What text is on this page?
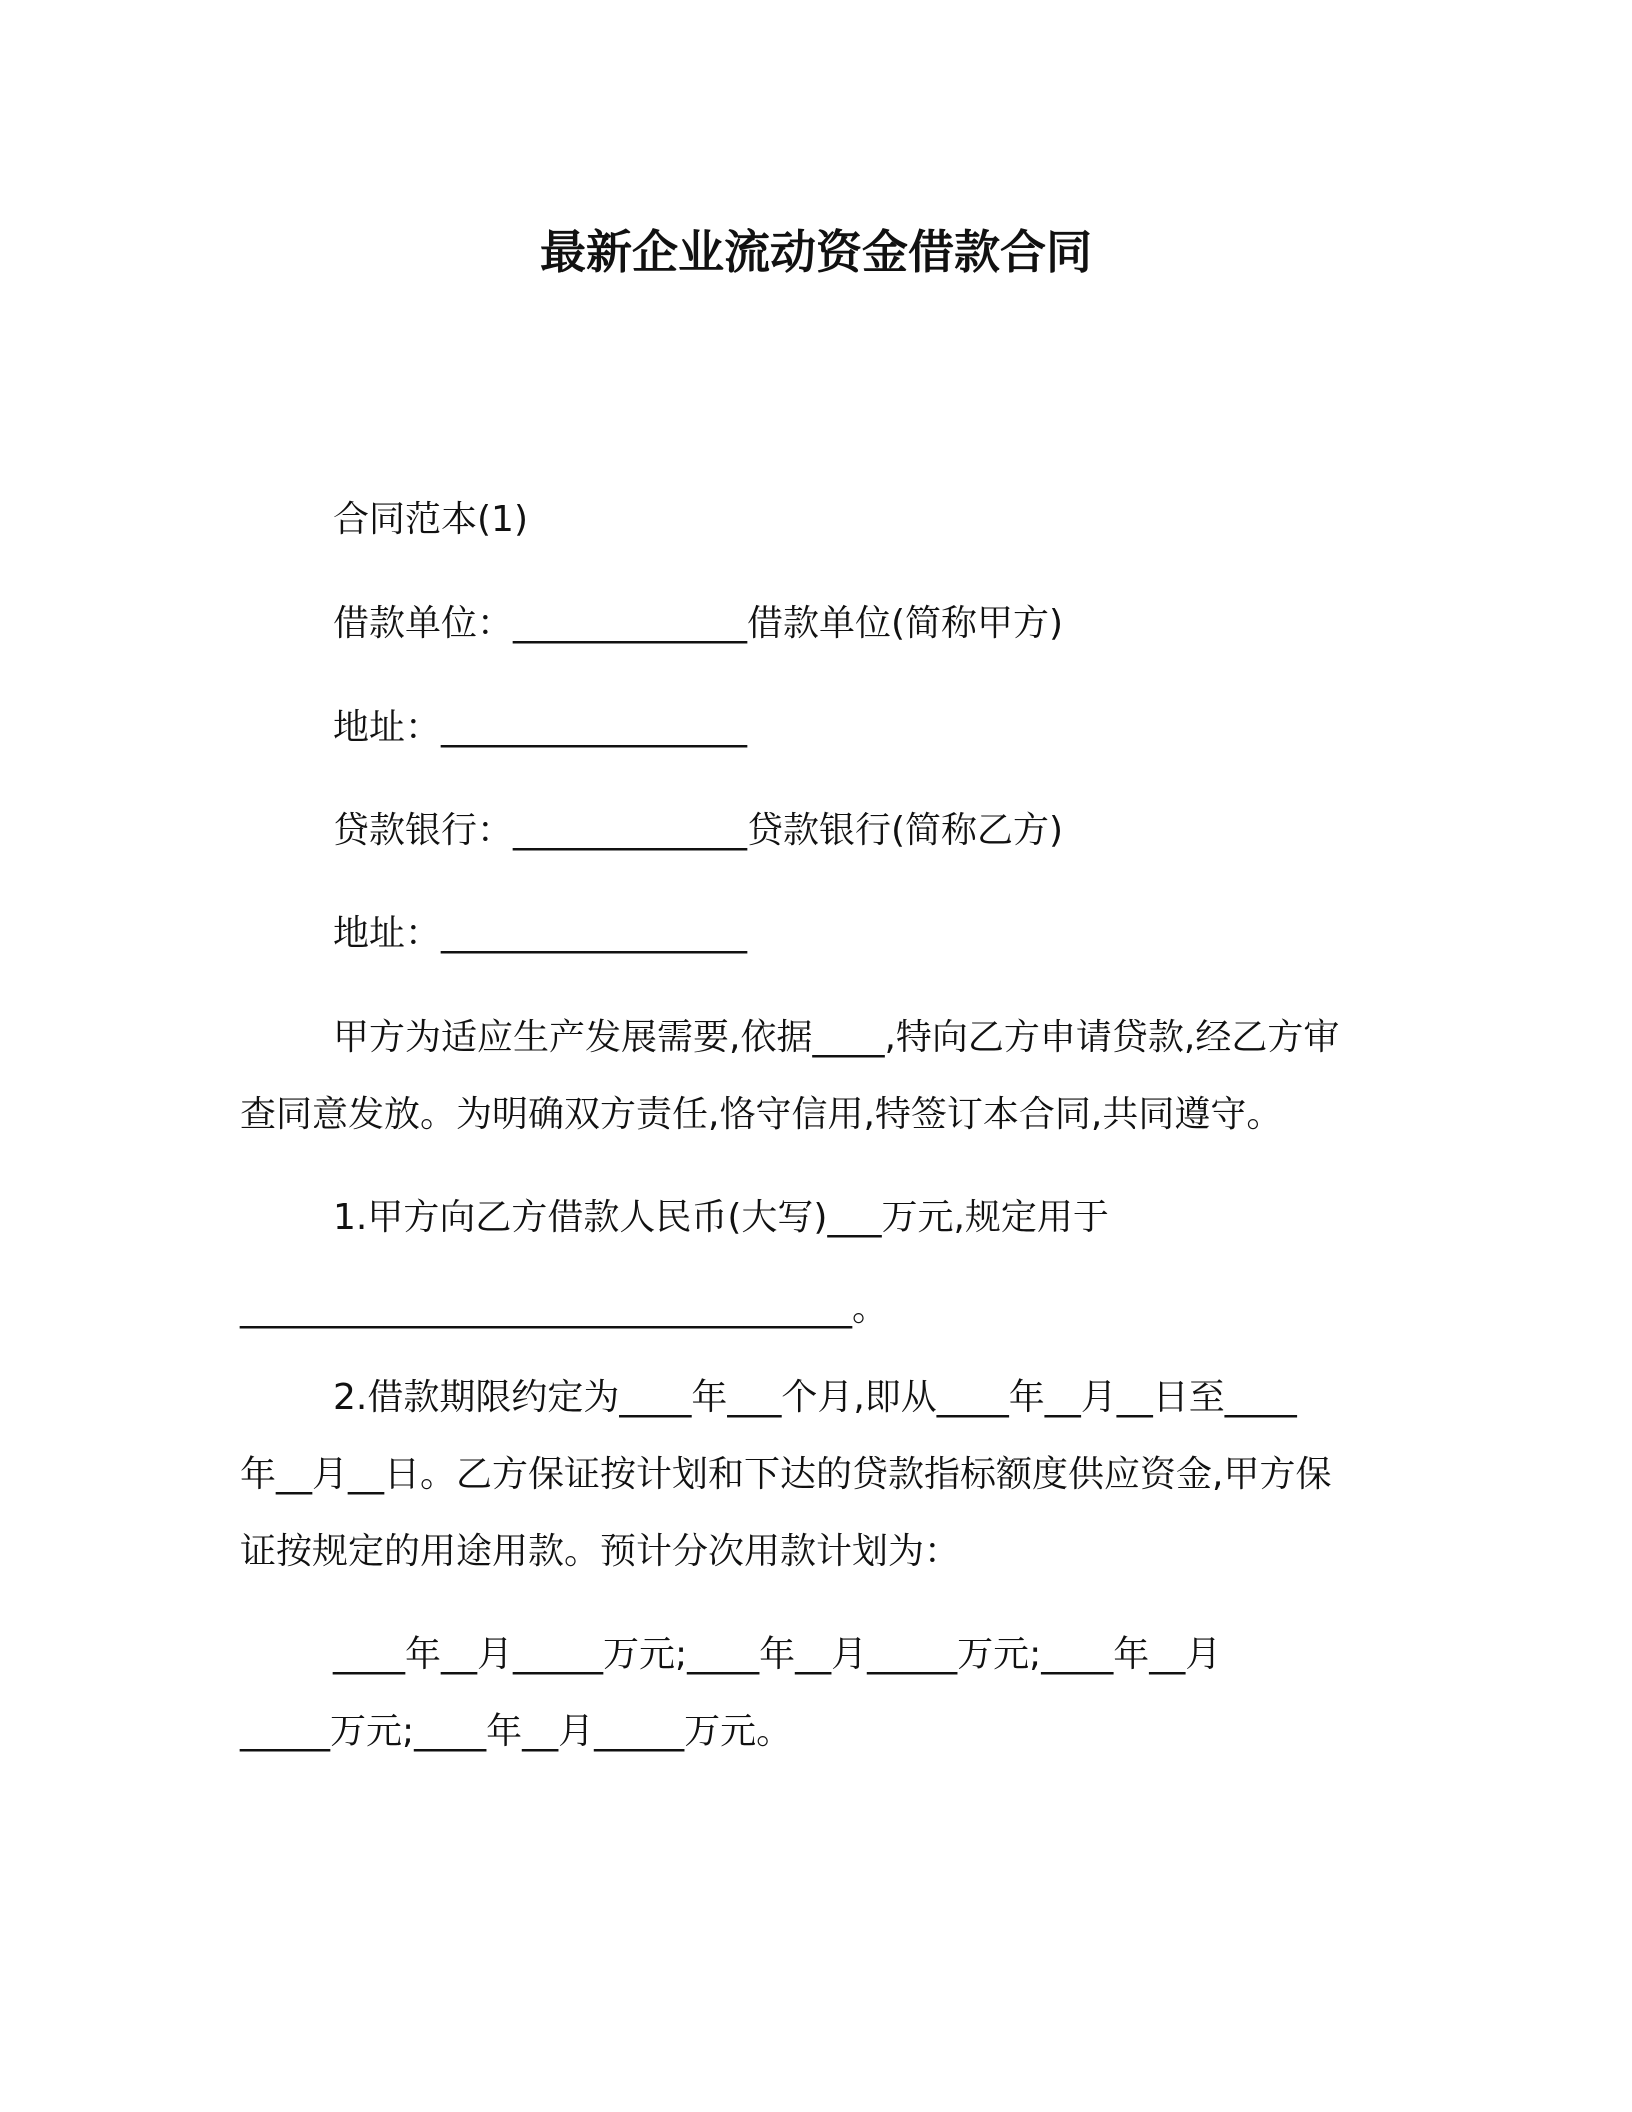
最新企业流动资金借款合同
合同范本(1)
借款单位：_____________借款单位(简称甲方)
地址：_________________
贷款银行：_____________贷款银行(简称乙方)
地址：_________________
甲方为适应生产发展需要,依据____,特向乙方申请贷款,经乙方审
查同意发放。为明确双方责任,恪守信用,特签订本合同,共同遵守。
1.甲方向乙方借款人民币(大写)___万元,规定用于
__________________________________。
2.借款期限约定为____年___个月,即从____年__月__日至____
年__月__日。乙方保证按计划和下达的贷款指标额度供应资金,甲方保
证按规定的用途用款。预计分次用款计划为：
____年__月_____万元;____年__月_____万元;____年__月
_____万元;____年__月_____万元。
